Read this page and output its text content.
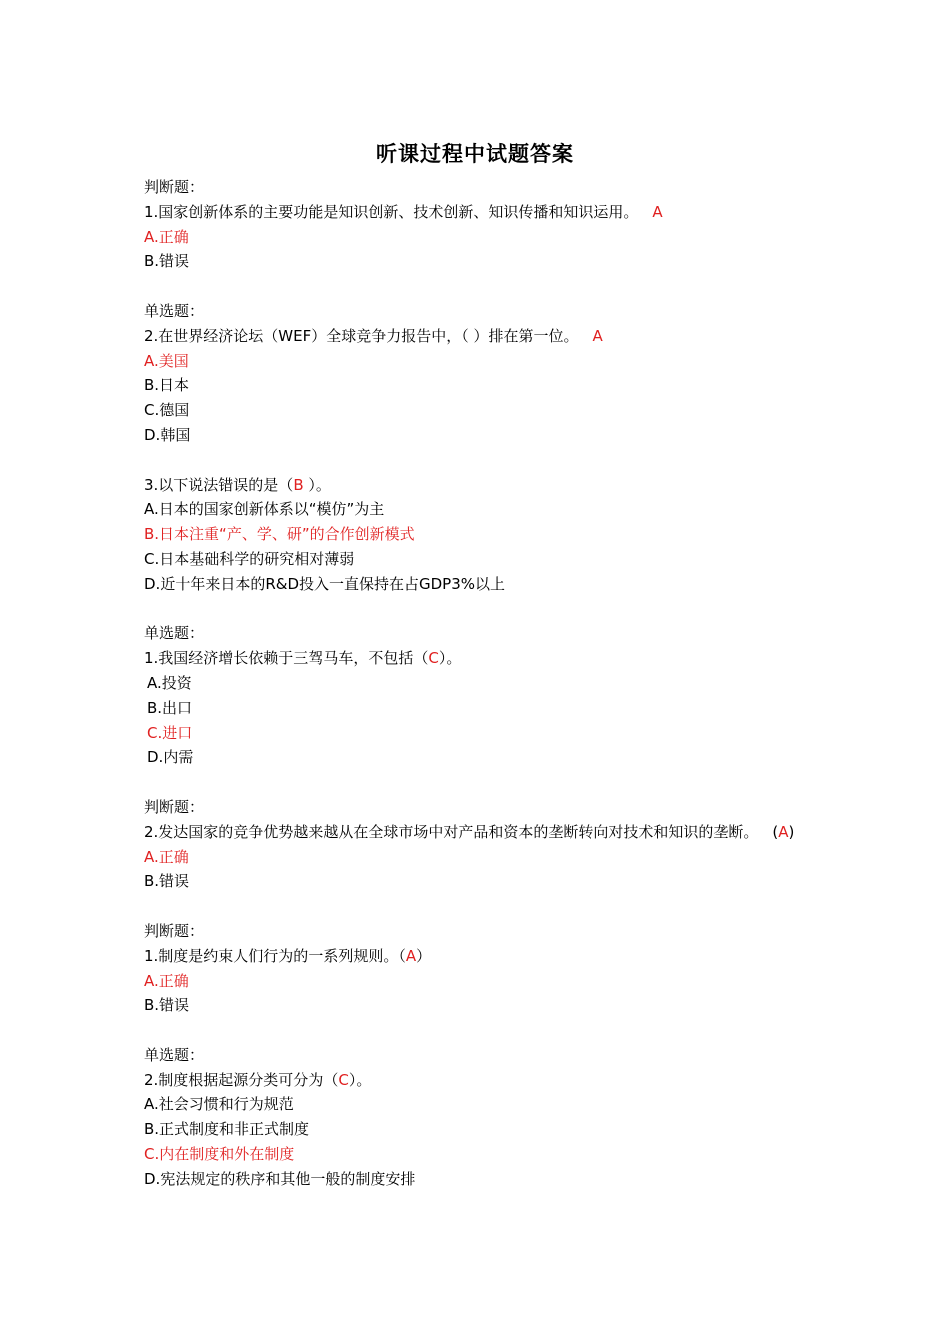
听课过程中试题答案
判断题：
1.国家创新体系的主要功能是知识创新、技术创新、知识传播和知识运用。 A
A.正确
B.错误
单选题：
2.在世界经济论坛（WEF）全球竞争力报告中，（ ）排在第一位。 A
A.美国
B.日本
C.德国
D.韩国
3.以下说法错误的是（B ）。
A.日本的国家创新体系以“模仿”为主
B.日本注重“产、学、研”的合作创新模式
C.日本基础科学的研究相对薄弱
D.近十年来日本的R&D投入一直保持在占GDP3%以上
单选题：
1.我国经济增长依赖于三驾马车，不包括（C）。
A.投资
B.出口
C.进口
D.内需
判断题：
2.发达国家的竞争优势越来越从在全球市场中对产品和资本的垄断转向对技术和知识的垄断。 (A)
A.正确
B.错误
判断题：
1.制度是约束人们行为的一系列规则。（A）
A.正确
B.错误
单选题：
2.制度根据起源分类可分为（C）。
A.社会习惯和行为规范
B.正式制度和非正式制度
C.内在制度和外在制度
D.宪法规定的秩序和其他一般的制度安排
